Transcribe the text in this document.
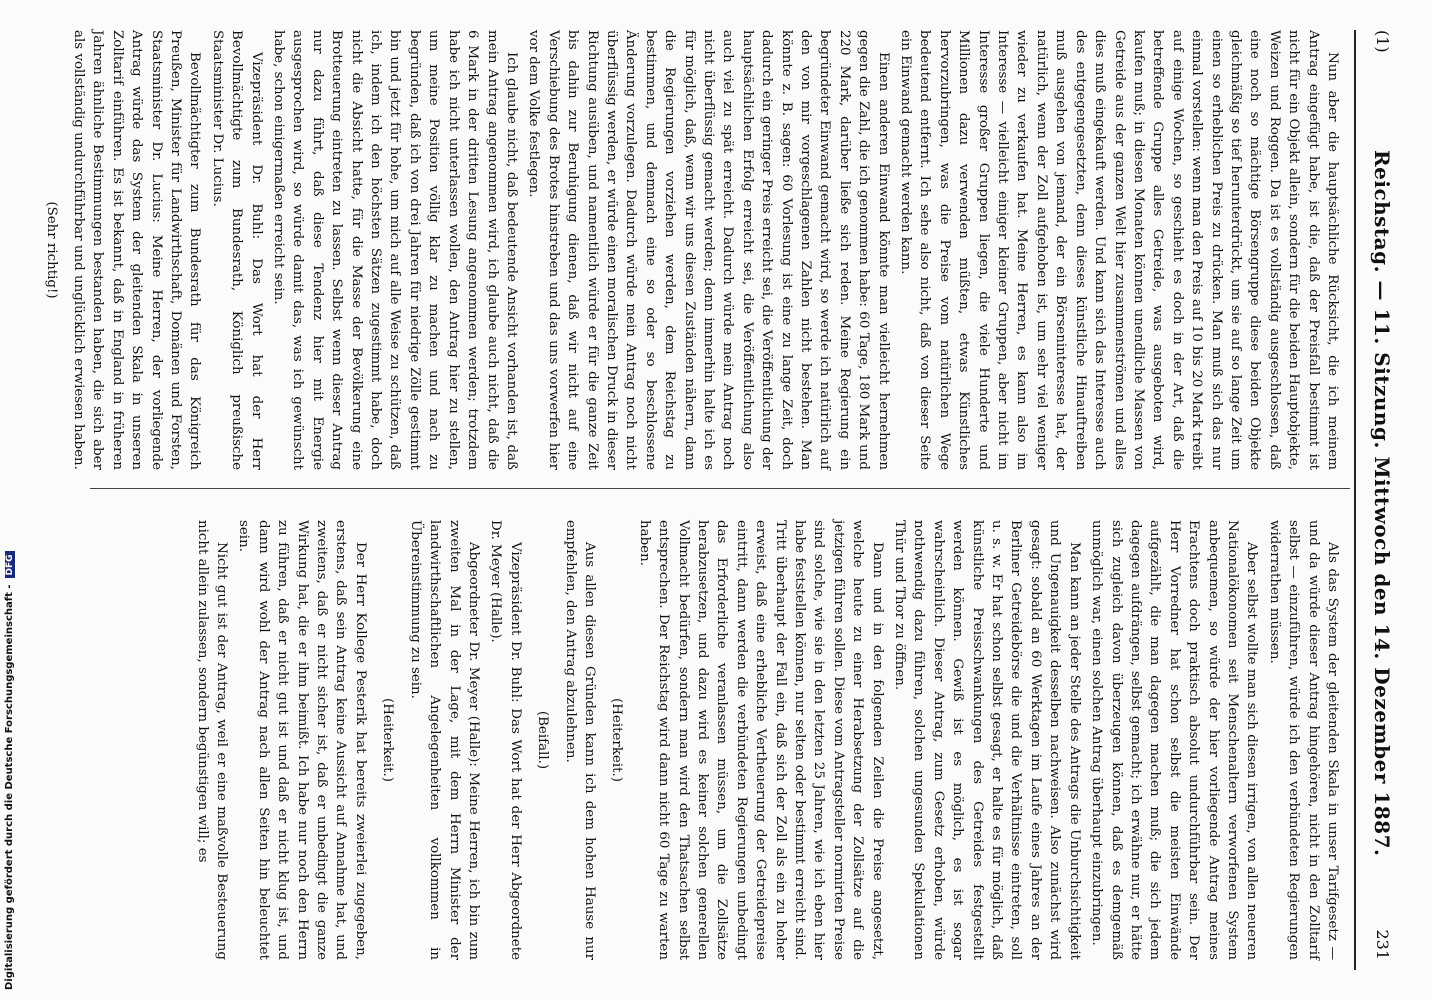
(1)
Reichstag. — 11. Sitzung. Mittwoch den 14. Dezember 1887.
231

Nun aber die hauptsächliche Rücksicht, die ich meinem Antrag eingefügt habe, ist die, daß der Preisfall bestimmt ist nicht für ein Objekt allein, sondern für die beiden Hauptobjekte, Weizen und Roggen. Da ist es vollständig ausgeschlossen, daß eine noch so mächtige Börsengruppe diese beiden Objekte gleichmäßig so tief herunterdrückt, um sie auf so lange Zeit um einen so erheblichen Preis zu drücken. Man muß sich das nur einmal vorstellen: wenn man den Preis auf 10 bis 20 Mark treibt auf einige Wochen, so geschieht es doch in der Art, daß die betreffende Gruppe alles Getreide, was ausgeboten wird, kaufen muß; in diesen Monaten können unendliche Massen von Getreide aus der ganzen Welt hier zusammenströmen und alles dies muß eingekauft werden. Und kann sich das Interesse auch des entgegengesetzten, denn dieses künstliche Hinauftreiben muß ausgehen von jemand, der ein Börseninteresse hat, der natürlich, wenn der Zoll aufgehoben ist, um sehr viel weniger wieder zu verkaufen hat. Meine Herren, es kann also im Interesse — vielleicht einiger kleiner Gruppen, aber nicht im Interesse großer Gruppen liegen, die viele Hunderte und Millionen dazu verwenden müßten, etwas Künstliches hervorzubringen, was die Preise vom natürlichen Wege bedeutend entfernt. Ich sehe also nicht, daß von dieser Seite ein Einwand gemacht werden kann.

Einen anderen Einwand könnte man vielleicht hernehmen gegen die Zahl, die ich genommen habe: 60 Tage, 180 Mark und 220 Mark, darüber ließe sich reden. Meine Regierung ein begründeter Einwand gemacht wird, so werde ich natürlich auf den von mir vorgeschlagenen Zahlen nicht bestehen. Man könnte z. B. sagen: 60 Vorlesung ist eine zu lange Zeit, doch dadurch ein geringer Preis erreicht sei, die Veröffentlichung der hauptsächlichen Erfolg erreicht sei, die Veröffentlichung also auch viel zu spät erreicht. Dadurch würde mein Antrag noch nicht überflüssig gemacht werden; denn immerhin halte ich es für möglich, daß, wenn wir uns diesen Zuständen nähern, dann die Regierungen vorziehen werden, dem Reichstag zu bestimmen, und demnach eine so oder so beschlossene Änderung vorzulegen. Dadurch würde mein Antrag noch nicht überflüssig werden, er würde einen moralischen Druck in dieser Richtung ausüben, und namentlich würde er für die ganze Zeit bis dahin zur Beruhigung dienen, daß wir nicht auf eine Verschiebung des Brotes hinstreben und das uns vorwerfen hier vor dem Volke festlegen.

Ich glaube nicht, daß bedeutende Ansicht vorhanden ist, daß mein Antrag angenommen wird, ich glaube auch nicht, daß die 6 Mark in der dritten Lesung angenommen werden; trotzdem habe ich nicht unterlassen wollen, den Antrag hier zu stellen, um meine Position völlig klar zu machen und nach zu begründen, daß ich von drei Jahren für niedrige Zölle gestimmt bin und jetzt für hohe, um mich auf alle Weise zu schützen, daß ich, indem ich den höchsten Sätzen zugestimmt habe, doch nicht die Absicht hatte, für die Masse der Bevölkerung eine Brotteuerung eintreten zu lassen. Selbst wenn dieser Antrag nur dazu führt, daß diese Tendenz hier mit Energie ausgesprochen wird, so würde damit das, was ich gewünscht habe, schon einigermaßen erreicht sein.

Vizepräsident Dr. Buhl: Das Wort hat der Herr Bevollmächtigte zum Bundesrath, Königlich preußische Staatsminister Dr. Lucius.

Bevollmächtigter zum Bundesrath für das Königreich Preußen, Minister für Landwirthschaft, Domänen und Forsten, Staatsminister Dr. Lucius: Meine Herren, der vorliegende Antrag würde das System der gleitenden Skala in unseren Zolltarif einführen. Es ist bekannt, daß in England in früheren Jahren ähnliche Bestimmungen bestanden haben, die sich aber als vollständig undurchführbar und unglücklich erwiesen haben.

(Sehr richtig!)

Als das System der gleitenden Skala in unser Tarifgesetz — und da würde dieser Antrag hingehören, nicht in den Zolltarif selbst — einzuführen, würde ich den verbündeten Regierungen widerrathen müssen.

Aber selbst wollte man sich diesen irrigen, von allen neueren Nationalökonomen seit Menschenaltern verworfenen System anbequemen, so würde der hier vorliegende Antrag meines Erachtens doch praktisch absolut undurchführbar sein. Der Herr Vorredner hat schon selbst die meisten Einwände aufgezählt, die man dagegen machen muß; die sich jedem dagegen aufdrängen, selbst gemacht; ich erwähne nur, er hätte sich zugleich davon überzeugen können, daß es demgemäß unmöglich war, einen solchen Antrag überhaupt einzubringen.

Man kann an jeder Stelle des Antrags die Unburchsichtigkeit und Ungenauigkeit desselben nachweisen. Also zunächst wird gesagt: sobald an 60 Werktagen im Laufe eines Jahres an der Berliner Getreidebörse die und die Verhältnisse eintreten, soll u. s. w. Er hat schon selbst gesagt, er halte es für möglich, daß künstliche Preisschwankungen des Getreides festgestellt werden können. Gewiß ist es möglich, es ist sogar wahrscheinlich. Dieser Antrag, zum Gesetz erhoben, würde nothwendig dazu führen, solchen ungesunden Spekulationen Thür und Thor zu öffnen.

Dann und in den folgenden Zeilen die Preise angesetzt, welche heute zu einer Herabsetzung der Zollsätze auf die jetzigen führen sollen. Diese vom Antragsteller normirten Preise sind solche, wie sie in den letzten 25 Jahren, wie ich eben hier habe feststellen können, nur selten oder bestimmt erreicht sind. Tritt überhaupt der Fall ein, daß sich der Zoll als ein zu hoher erweist, daß eine erhebliche Vertheuerung der Getreidepreise eintritt, dann werden die verbündeten Regierungen unbedingt das Erforderliche veranlassen müssen, um die Zollsätze herabzusetzen, und dazu wird es keiner solchen generellen Vollmacht bedürfen, sondern man wird den Thatsachen selbst entsprechen. Der Reichstag wird dann nicht 60 Tage zu warten haben.

(Heiterkeit.)

Aus allen diesen Gründen kann ich dem hohen Hause nur empfehlen, den Antrag abzulehnen.

(Beifall.)

Vizepräsident Dr. Buhl: Das Wort hat der Herr Abgeordnete Dr. Meyer (Halle).

Abgeordneter Dr. Meyer (Halle): Meine Herren, ich bin zum zweiten Mal in der Lage, mit dem Herrn Minister der landwirthschaftlichen Angelegenheiten vollkommen in Übereinstimmung zu sein.

(Heiterkeit.)

Der Herr Kollege Pesterik hat bereits zweierlei zugegeben, erstens, daß sein Antrag keine Aussicht auf Annahme hat, und zweitens, daß er nicht sicher ist, daß er unbedingt die ganze Wirkung hat, die er ihm beimißt. Ich habe nur noch den Herrn zu führen, daß er nicht gut ist und daß er nicht klug ist, und dann wird wohl der Antrag nach allen Seiten hin beleuchtet sein.

Nicht gut ist der Antrag, weil er eine maßvolle Besteuerung nicht allein zulassen, sondern begünstigen will; es

Digitalisierung gefördert durch die Deutsche Forschungsgemeinschaft -DFG
